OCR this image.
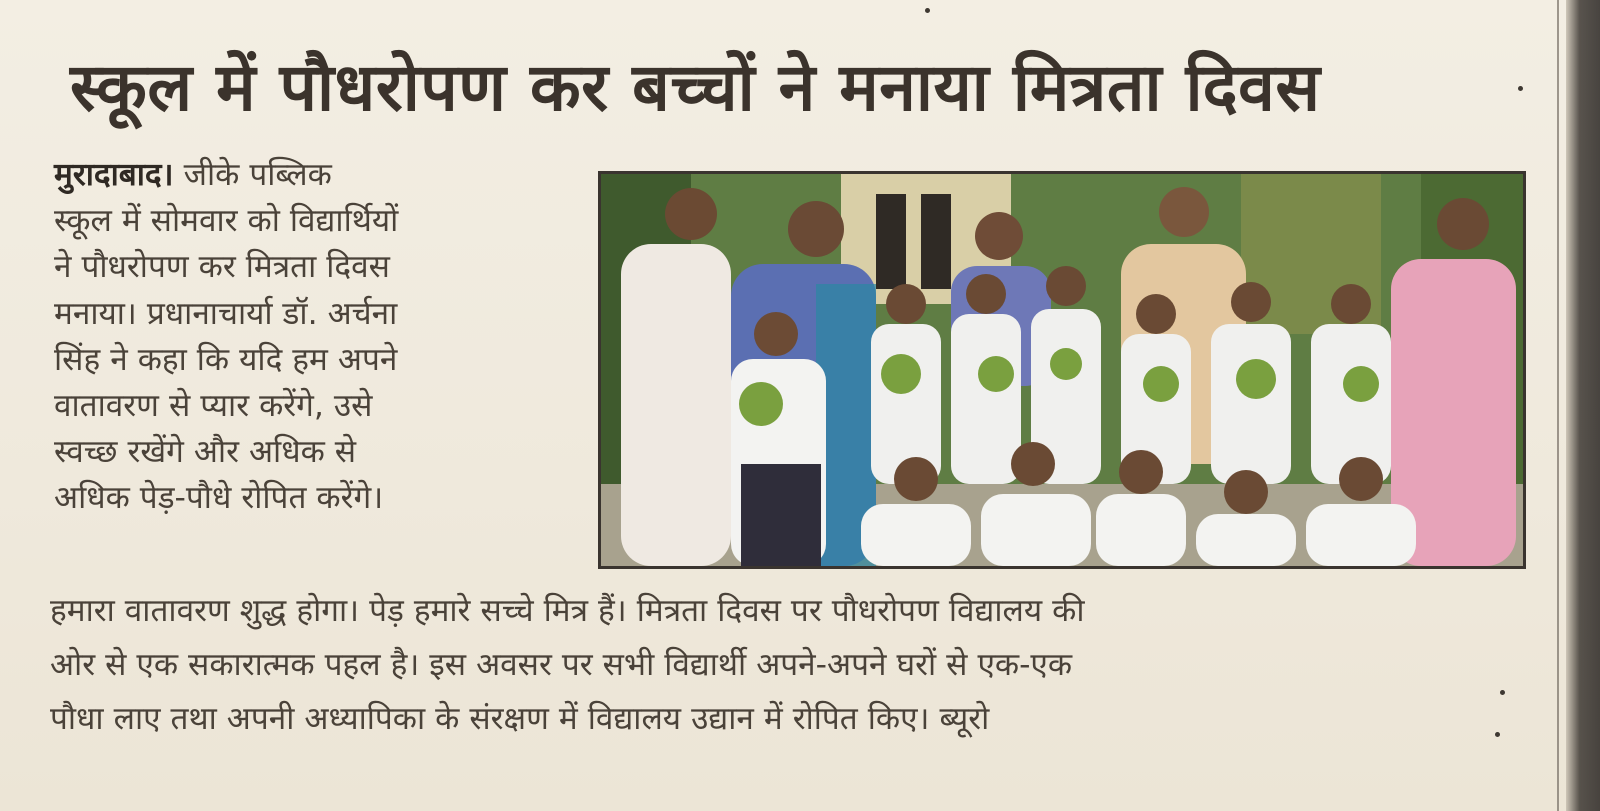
स्कूल में पौधरोपण कर बच्चों ने मनाया मित्रता दिवस
मुरादाबाद। जीके पब्लिक
स्कूल में सोमवार को विद्यार्थियों
ने पौधरोपण कर मित्रता दिवस
मनाया। प्रधानाचार्या डॉ. अर्चना
सिंह ने कहा कि यदि हम अपने
वातावरण से प्यार करेंगे, उसे
स्वच्छ रखेंगे और अधिक से
अधिक पेड़-पौधे रोपित करेंगे।
हमारा वातावरण शुद्ध होगा। पेड़ हमारे सच्चे मित्र हैं। मित्रता दिवस पर पौधरोपण विद्यालय की
ओर से एक सकारात्मक पहल है। इस अवसर पर सभी विद्यार्थी अपने-अपने घरों से एक-एक
पौधा लाए तथा अपनी अध्यापिका के संरक्षण में विद्यालय उद्यान में रोपित किए। ब्यूरो
